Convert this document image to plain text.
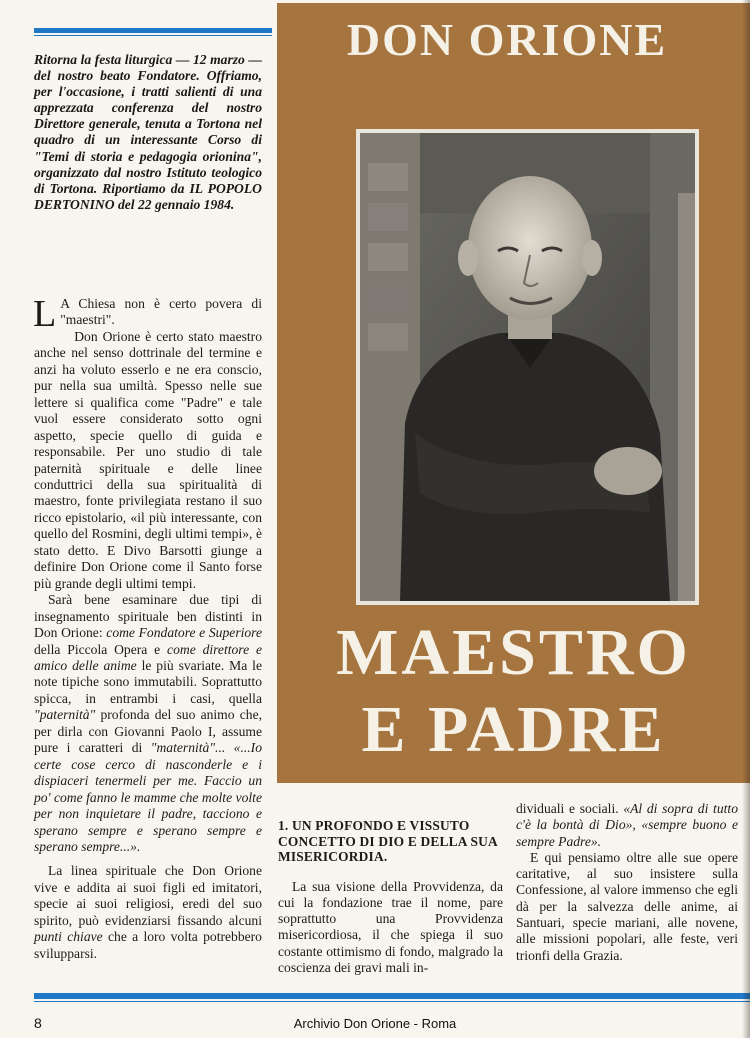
Ritorna la festa liturgica — 12 marzo — del nostro beato Fondatore. Offriamo, per l'occasione, i tratti salienti di una apprezzata conferenza del nostro Direttore generale, tenuta a Tortona nel quadro di un interessante Corso di "Temi di storia e pedagogia orionina", organizzato dal nostro Istituto teologico di Tortona. Riportiamo da IL POPOLO DERTONINO del 22 gennaio 1984.
DON ORIONE
MAESTRO
E PADRE

L A Chiesa non è certo povera di "maestri".

Don Orione è certo stato maestro anche nel senso dottrinale del termine e anzi ha voluto esserlo e ne era conscio, pur nella sua umiltà. Spesso nelle sue lettere si qualifica come "Padre" e tale vuol essere considerato sotto ogni aspetto, specie quello di guida e responsabile. Per uno studio di tale paternità spirituale e delle linee conduttrici della sua spiritualità di maestro, fonte privilegiata restano il suo ricco epistolario, «il più interessante, con quello del Rosmini, degli ultimi tempi», è stato detto. E Divo Barsotti giunge a definire Don Orione come il Santo forse più grande degli ultimi tempi.

Sarà bene esaminare due tipi di insegnamento spirituale ben distinti in Don Orione: come Fondatore e Superiore della Piccola Opera e come direttore e amico delle anime le più svariate. Ma le note tipiche sono immutabili. Soprattutto spicca, in entrambi i casi, quella "paternità" profonda del suo animo che, per dirla con Giovanni Paolo I, assume pure i caratteri di "maternità"... «...Io certe cose cerco di nasconderle e i dispiaceri tenermeli per me. Faccio un po' come fanno le mamme che molte volte per non inquietare il padre, tacciono e sperano sempre e sperano sempre e sperano sempre...».

La linea spirituale che Don Orione vive e addita ai suoi figli ed imitatori, specie ai suoi religiosi, eredi del suo spirito, può evidenziarsi fissando alcuni punti chiave che a loro volta potrebbero svilupparsi.

1. UN PROFONDO E VISSUTO CONCETTO DI DIO E DELLA SUA MISERICORDIA.

La sua visione della Provvidenza, da cui la fondazione trae il nome, pare soprattutto una Provvidenza misericordiosa, il che spiega il suo costante ottimismo di fondo, malgrado la coscienza dei gravi mali in-

dividuali e sociali. «Al di sopra di tutto c'è la bontà di Dio», «sempre buono e sempre Padre».

E qui pensiamo oltre alle sue opere caritative, al suo insistere sulla Confessione, al valore immenso che egli dà per la salvezza delle anime, ai Santuari, specie mariani, alle novene, alle missioni popolari, alle feste, veri trionfi della Grazia.

8	Archivio Don Orione - Roma
